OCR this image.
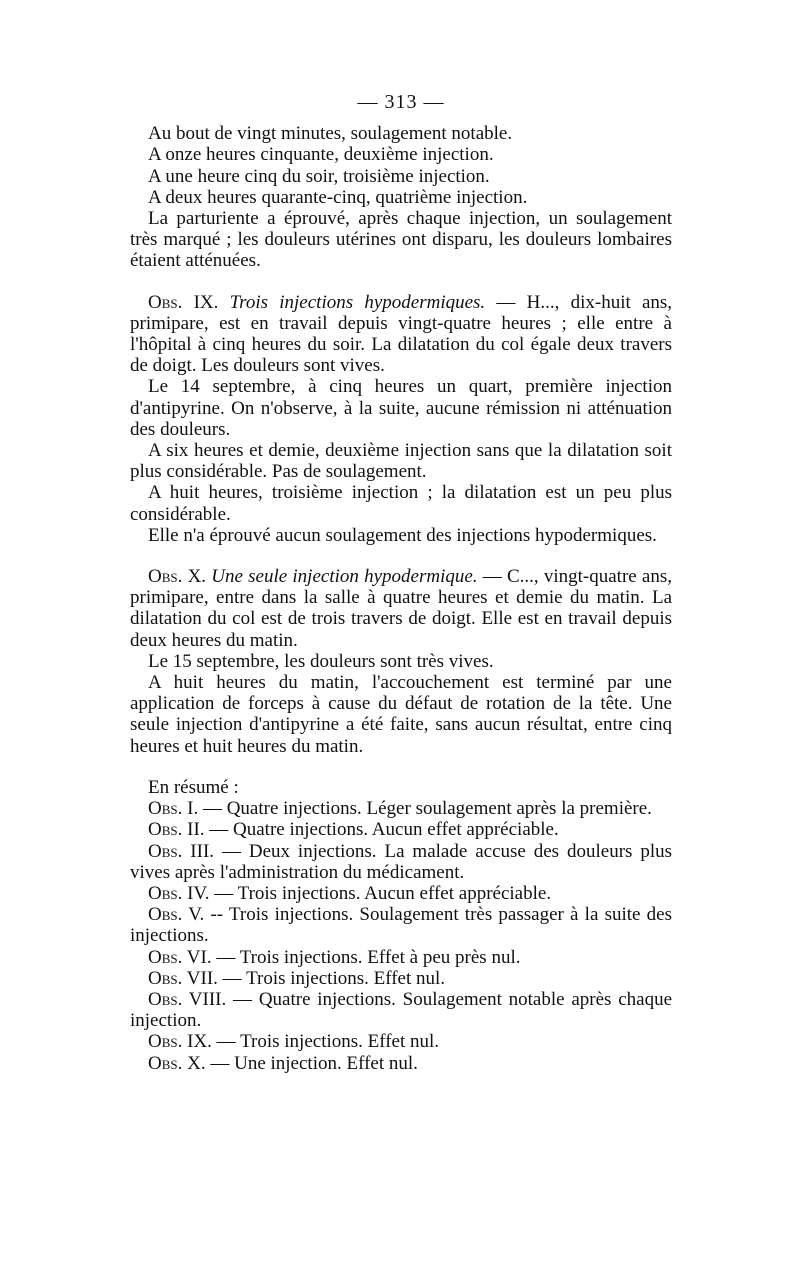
— 313 —

Au bout de vingt minutes, soulagement notable.

A onze heures cinquante, deuxième injection.

A une heure cinq du soir, troisième injection.

A deux heures quarante-cinq, quatrième injection.

La parturiente a éprouvé, après chaque injection, un soulagement très marqué ; les douleurs utérines ont disparu, les douleurs lombaires étaient atténuées.

Obs. IX. Trois injections hypodermiques. — H..., dix-huit ans, primipare, est en travail depuis vingt-quatre heures ; elle entre à l'hôpital à cinq heures du soir. La dilatation du col égale deux travers de doigt. Les douleurs sont vives.

Le 14 septembre, à cinq heures un quart, première injection d'antipyrine. On n'observe, à la suite, aucune rémission ni atténuation des douleurs.

A six heures et demie, deuxième injection sans que la dilatation soit plus considérable. Pas de soulagement.

A huit heures, troisième injection ; la dilatation est un peu plus considérable.

Elle n'a éprouvé aucun soulagement des injections hypodermiques.

Obs. X. Une seule injection hypodermique. — C..., vingt-quatre ans, primipare, entre dans la salle à quatre heures et demie du matin. La dilatation du col est de trois travers de doigt. Elle est en travail depuis deux heures du matin.

Le 15 septembre, les douleurs sont très vives.

A huit heures du matin, l'accouchement est terminé par une application de forceps à cause du défaut de rotation de la tête. Une seule injection d'antipyrine a été faite, sans aucun résultat, entre cinq heures et huit heures du matin.

En résumé :

Obs. I. — Quatre injections. Léger soulagement après la première.

Obs. II. — Quatre injections. Aucun effet appréciable.

Obs. III. — Deux injections. La malade accuse des douleurs plus vives après l'administration du médicament.

Obs. IV. — Trois injections. Aucun effet appréciable.

Obs. V. -- Trois injections. Soulagement très passager à la suite des injections.

Obs. VI. — Trois injections. Effet à peu près nul.

Obs. VII. — Trois injections. Effet nul.

Obs. VIII. — Quatre injections. Soulagement notable après chaque injection.

Obs. IX. — Trois injections. Effet nul.

Obs. X. — Une injection. Effet nul.
